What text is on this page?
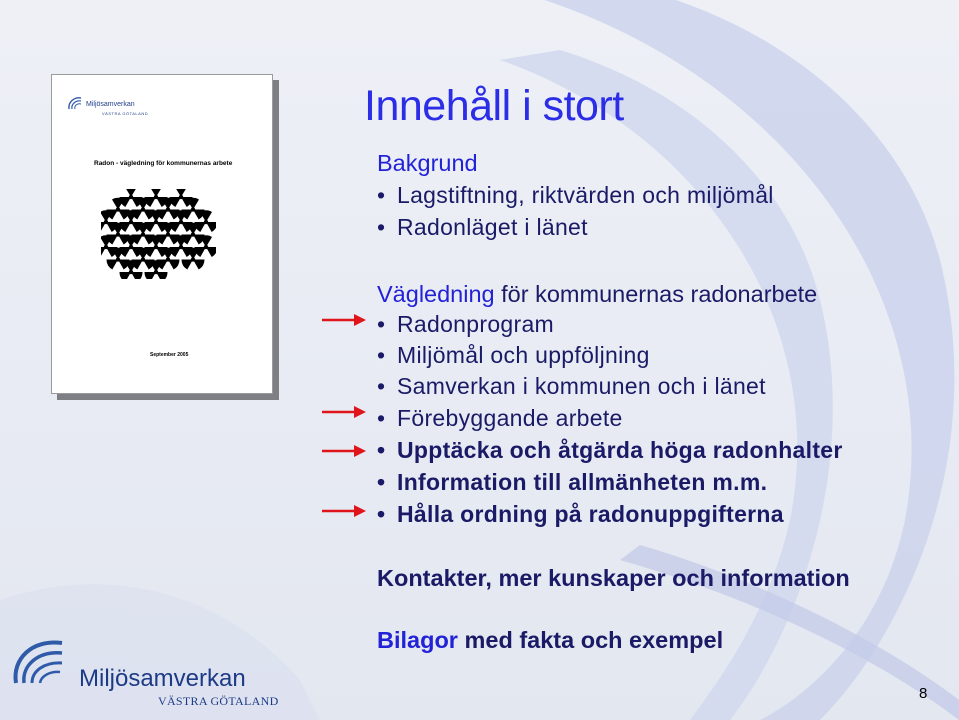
Miljösamverkan
VÄSTRA GÖTALAND
Radon - vägledning för kommunernas arbete
September 2005
Innehåll i stort
Bakgrund
• Lagstiftning, riktvärden och miljömål
• Radonläget i länet
Vägledning för kommunernas radonarbete
• Radonprogram
• Miljömål och uppföljning
• Samverkan i kommunen och i länet
• Förebyggande arbete
• Upptäcka och åtgärda höga radonhalter
• Information till allmänheten m.m.
• Hålla ordning på radonuppgifterna
Kontakter, mer kunskaper och information
Bilagor med fakta och exempel
Miljösamverkan
VÄSTRA GÖTALAND	8
